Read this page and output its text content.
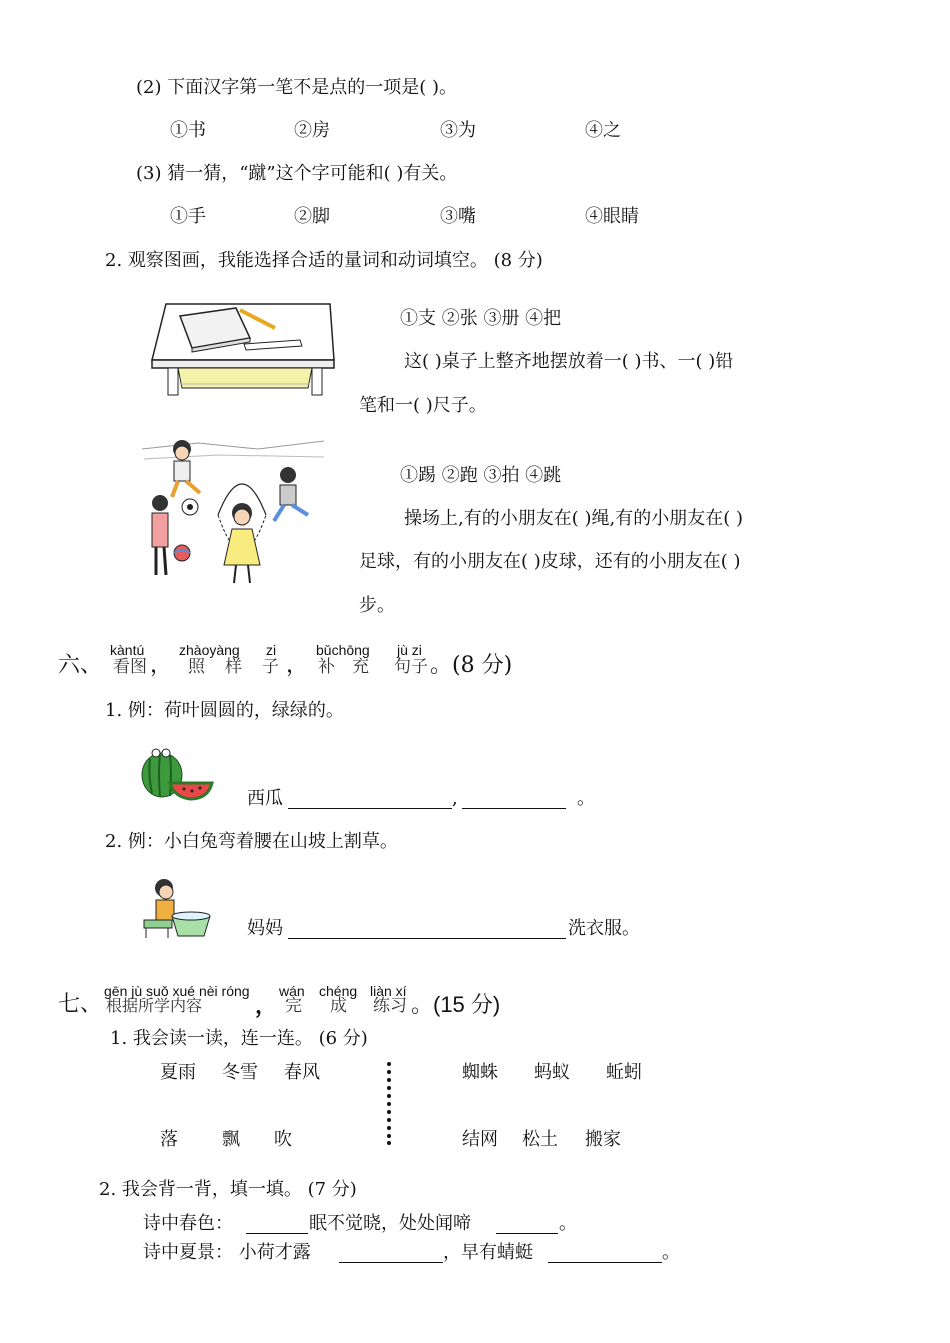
(2) 下面汉字第一笔不是点的一项是( )。
①书	②房	③为	④之
(3) 猜一猜，“蹴”这个字可能和( )有关。
①手	②脚	③嘴	④眼睛
2. 观察图画，我能选择合适的量词和动词填空。 (8 分)
①支 ②张 ③册 ④把
这( )桌子上整齐地摆放着一( )书、一( )铅
笔和一( )尺子。
①踢 ②跑 ③拍 ④跳
操场上,有的小朋友在( )绳,有的小朋友在( )
足球，有的小朋友在( )皮球，还有的小朋友在( )
步。
六、
kàntú zhàoyàng zi	bǔchōng jù zi
看图 ， 照 样 子 ， 补 充 句子 。(8 分)
1. 例：荷叶圆圆的，绿绿的。
西瓜	,	。
2. 例：小白兔弯着腰在山坡上割草。
妈妈	洗衣服。
七、
gēn jù suǒ xué nèi róng wán chéng liàn xí
根据所学内容 ， 完 成 练习 。(15 分)
1. 我会读一读，连一连。 (6 分)
夏雨 冬雪 春风
落 飘 吹
蜘蛛 蚂蚁 蚯蚓
结网 松土 搬家
2. 我会背一背，填一填。 (7 分)
诗中春色：	眠不觉晓，处处闻啼	。
诗中夏景： 小荷才露	，早有蜻蜓	。
